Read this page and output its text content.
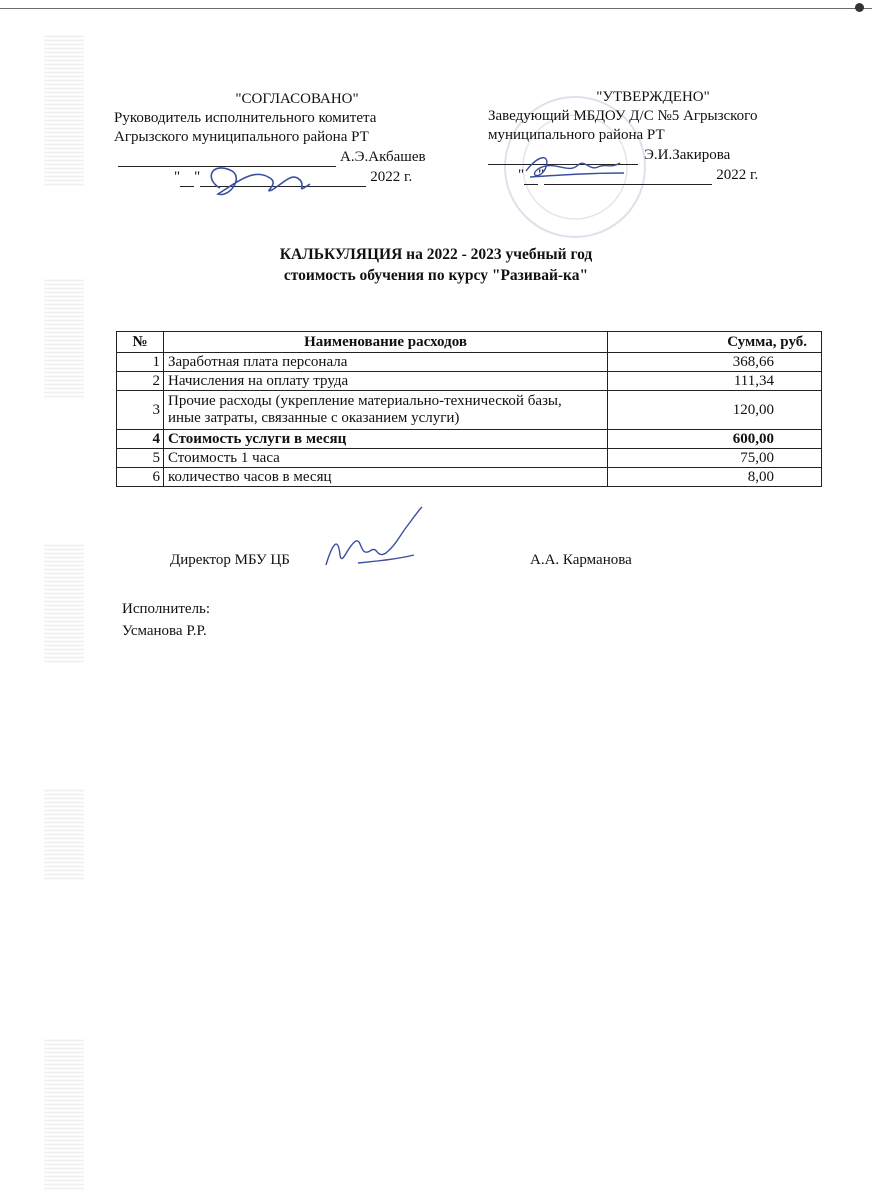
"СОГЛАСОВАНО"
Руководитель исполнительного комитета
Агрызского муниципального района РТ
А.Э.Акбашев
" "	2022 г.
"УТВЕРЖДЕНО"
Заведующий МБДОУ Д/С №5 Агрызского
муниципального района РТ
Э.И.Закирова
" "	2022 г.
КАЛЬКУЛЯЦИЯ на 2022 - 2023 учебный год
стоимость обучения по курсу "Разивай-ка"
№	Наименование расходов	Сумма, руб.
1	Заработная плата персонала	368,66
2	Начисления на оплату труда	111,34
3	Прочие расходы (укрепление материально-технической базы,
иные затраты, связанные с оказанием услуги)	120,00
4	Стоимость услуги в месяц	600,00
5	Стоимость 1 часа	75,00
6	количество часов в месяц	8,00
Директор МБУ ЦБ	А.А. Карманова
Исполнитель:
Усманова Р.Р.
